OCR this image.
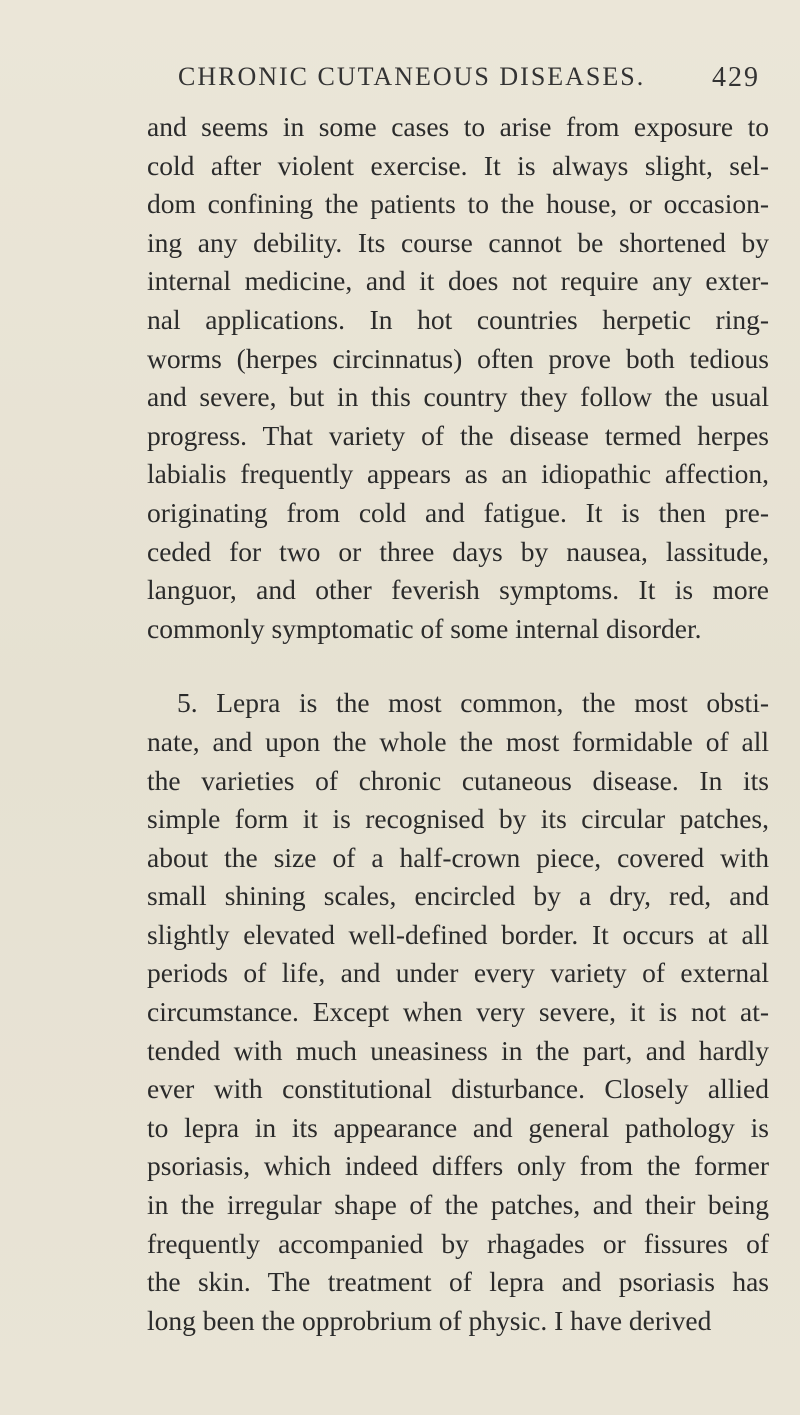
CHRONIC CUTANEOUS DISEASES. 429
and seems in some cases to arise from exposure to
cold after violent exercise. It is always slight, sel-
dom confining the patients to the house, or occasion-
ing any debility. Its course cannot be shortened by
internal medicine, and it does not require any exter-
nal applications. In hot countries herpetic ring-
worms (herpes circinnatus) often prove both tedious
and severe, but in this country they follow the usual
progress. That variety of the disease termed herpes
labialis frequently appears as an idiopathic affection,
originating from cold and fatigue. It is then pre-
ceded for two or three days by nausea, lassitude,
languor, and other feverish symptoms. It is more
commonly symptomatic of some internal disorder.
5. Lepra is the most common, the most obsti-
nate, and upon the whole the most formidable of all
the varieties of chronic cutaneous disease. In its
simple form it is recognised by its circular patches,
about the size of a half-crown piece, covered with
small shining scales, encircled by a dry, red, and
slightly elevated well-defined border. It occurs at all
periods of life, and under every variety of external
circumstance. Except when very severe, it is not at-
tended with much uneasiness in the part, and hardly
ever with constitutional disturbance. Closely allied
to lepra in its appearance and general pathology is
psoriasis, which indeed differs only from the former
in the irregular shape of the patches, and their being
frequently accompanied by rhagades or fissures of
the skin. The treatment of lepra and psoriasis has
long been the opprobrium of physic. I have derived
